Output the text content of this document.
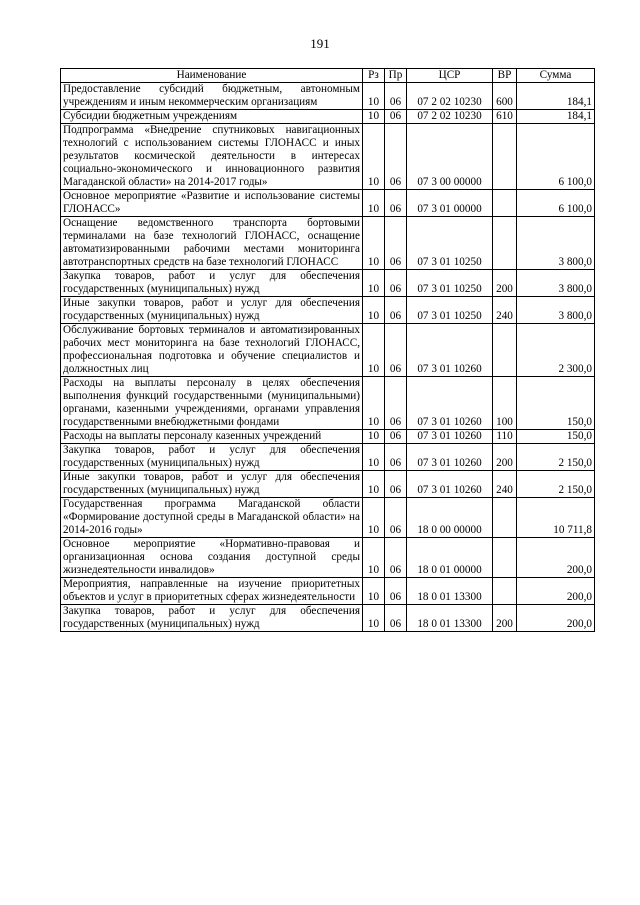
191
Наименование	Рз	Пр	ЦСР	ВР	Сумма
Предоставление субсидий бюджетным, автономным учреждениям и иным некоммерческим организациям	10	06	07 2 02 10230	600	184,1
Субсидии бюджетным учреждениям	10	06	07 2 02 10230	610	184,1
Подпрограмма «Внедрение спутниковых навигационных технологий с использованием системы ГЛОНАСС и иных результатов космической деятельности в интересах социально-экономического и инновационного развития Магаданской области» на 2014-2017 годы»	10	06	07 3 00 00000		6 100,0
Основное мероприятие «Развитие и использование системы ГЛОНАСС»	10	06	07 3 01 00000		6 100,0
Оснащение ведомственного транспорта бортовыми терминалами на базе технологий ГЛОНАСС, оснащение автоматизированными рабочими местами мониторинга автотранспортных средств на базе технологий ГЛОНАСС	10	06	07 3 01 10250		3 800,0
Закупка товаров, работ и услуг для обеспечения государственных (муниципальных) нужд	10	06	07 3 01 10250	200	3 800,0
Иные закупки товаров, работ и услуг для обеспечения государственных (муниципальных) нужд	10	06	07 3 01 10250	240	3 800,0
Обслуживание бортовых терминалов и автоматизированных рабочих мест мониторинга на базе технологий ГЛОНАСС, профессиональная подготовка и обучение специалистов и должностных лиц	10	06	07 3 01 10260		2 300,0
Расходы на выплаты персоналу в целях обеспечения выполнения функций государственными (муниципальными) органами, казенными учреждениями, органами управления государственными внебюджетными фондами	10	06	07 3 01 10260	100	150,0
Расходы на выплаты персоналу казенных учреждений	10	06	07 3 01 10260	110	150,0
Закупка товаров, работ и услуг для обеспечения государственных (муниципальных) нужд	10	06	07 3 01 10260	200	2 150,0
Иные закупки товаров, работ и услуг для обеспечения государственных (муниципальных) нужд	10	06	07 3 01 10260	240	2 150,0
Государственная программа Магаданской области «Формирование доступной среды в Магаданской области» на 2014-2016 годы»	10	06	18 0 00 00000		10 711,8
Основное мероприятие «Нормативно-правовая и организационная основа создания доступной среды жизнедеятельности инвалидов»	10	06	18 0 01 00000		200,0
Мероприятия, направленные на изучение приоритетных объектов и услуг в приоритетных сферах жизнедеятельности	10	06	18 0 01 13300		200,0
Закупка товаров, работ и услуг для обеспечения государственных (муниципальных) нужд	10	06	18 0 01 13300	200	200,0
